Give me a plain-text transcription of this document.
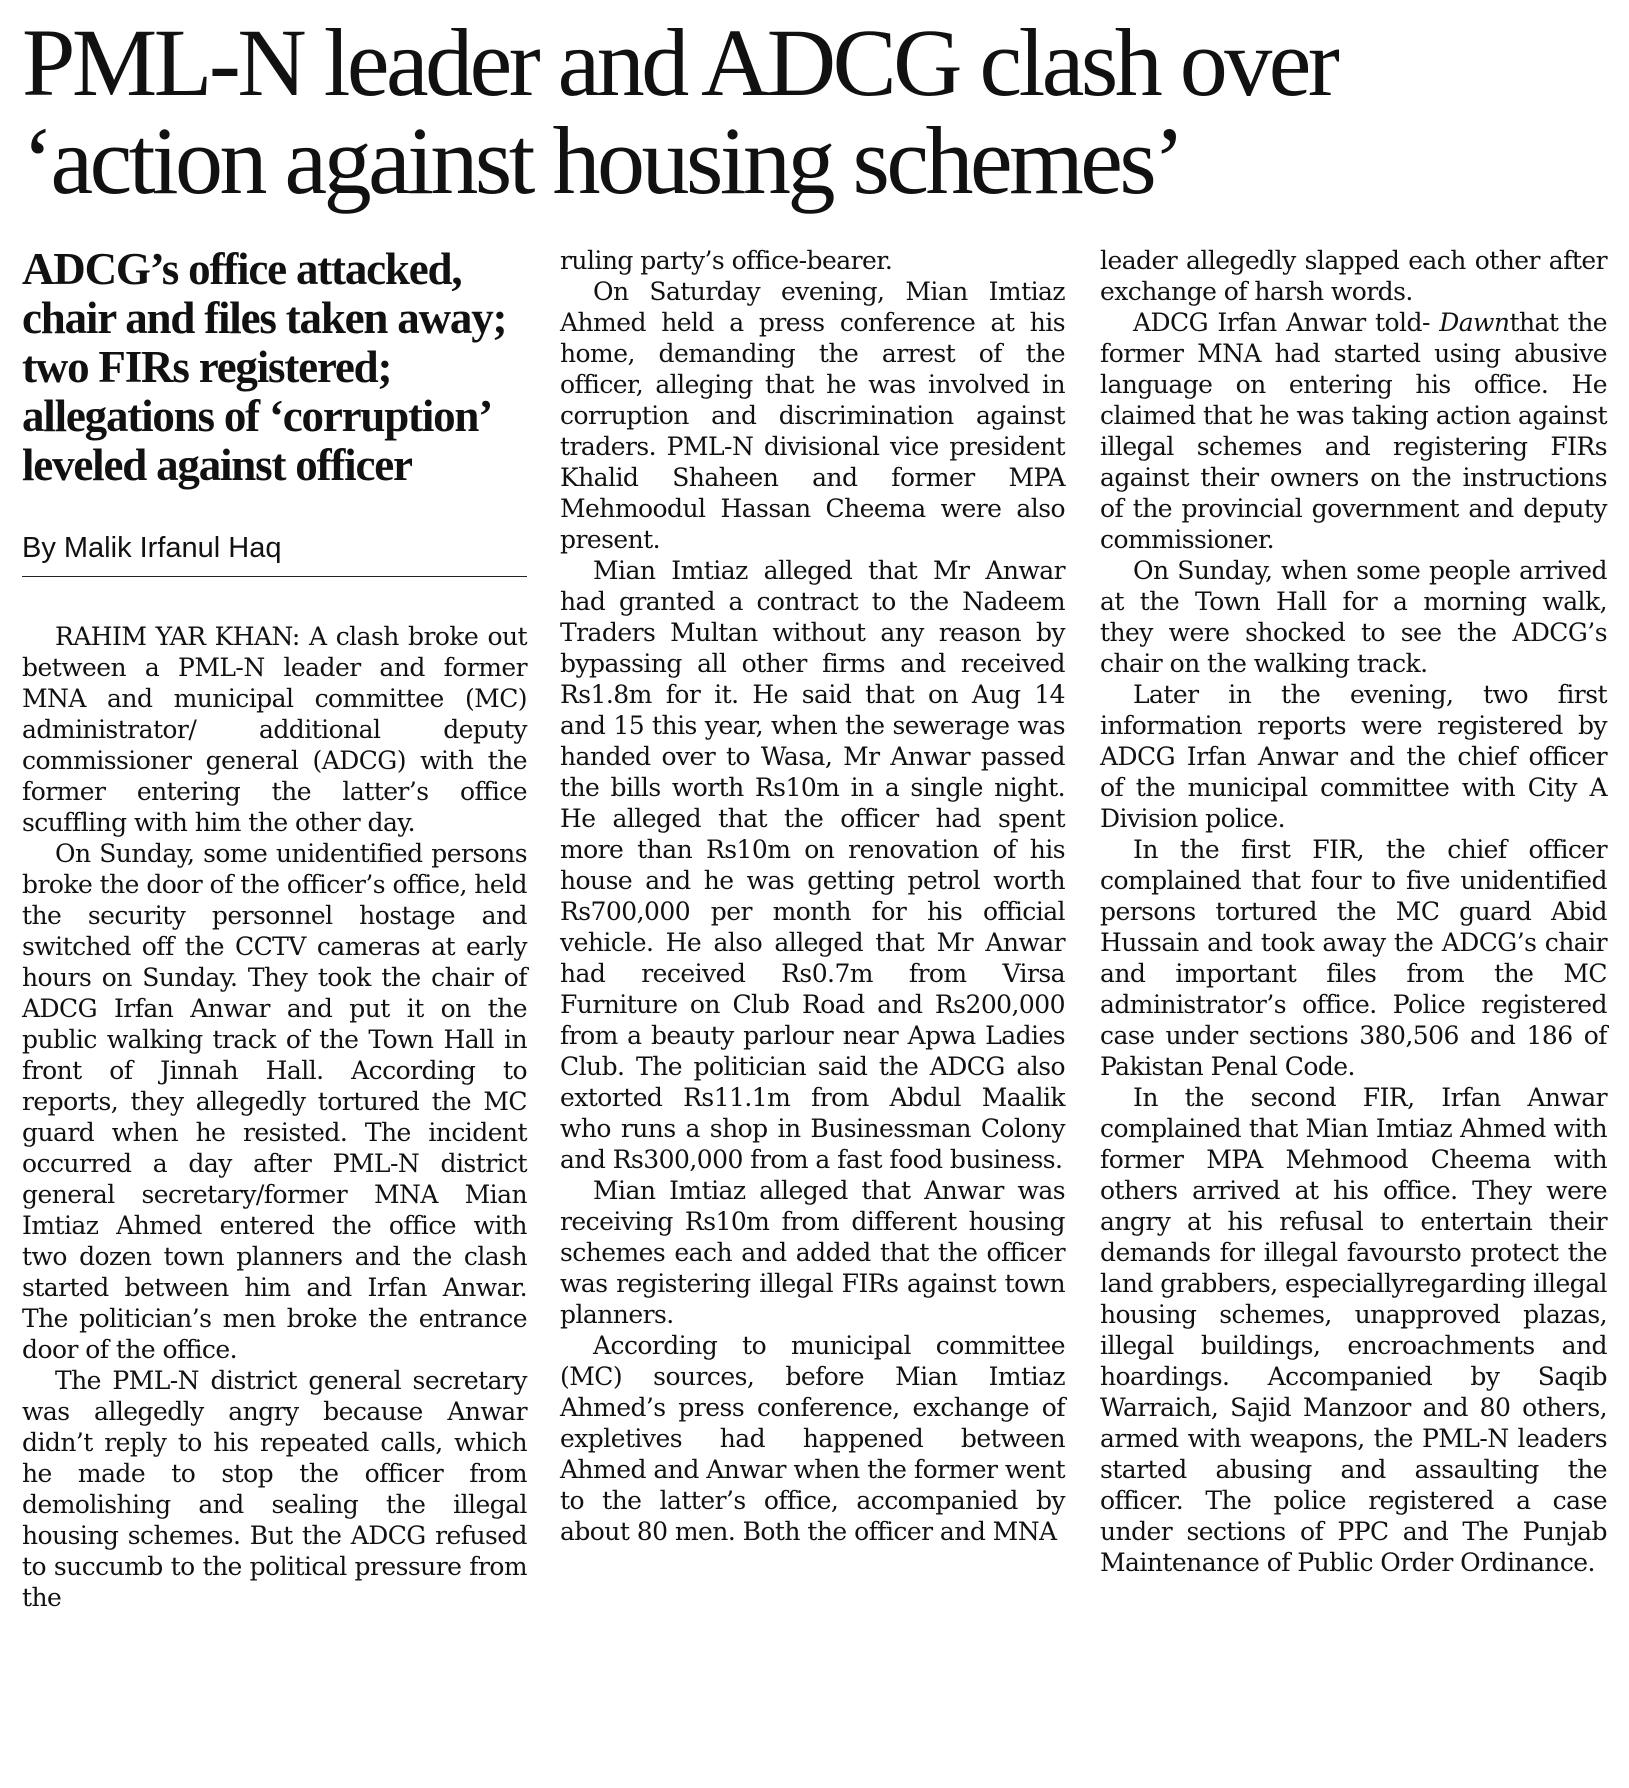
PML-N leader and ADCG clash over
‘action against housing schemes’
ADCG’s office attacked, chair and files taken away; two FIRs registered; allegations of ‘corruption’ leveled against officer
By Malik Irfanul Haq

RAHIM YAR KHAN: A clash broke out between a PML-N leader and former MNA and municipal committee (MC) administrator/ additional deputy commissioner general (ADCG) with the former entering the latter’s office scuffling with him the other day.

On Sunday, some unidentified persons broke the door of the officer’s office, held the security personnel hostage and switched off the CCTV cameras at early hours on Sunday. They took the chair of ADCG Irfan Anwar and put it on the public walking track of the Town Hall in front of Jinnah Hall. According to reports, they allegedly tortured the MC guard when he resisted. The incident occurred a day after PML-N district general secretary/former MNA Mian Imtiaz Ahmed entered the office with two dozen town planners and the clash started between him and Irfan Anwar. The politician’s men broke the entrance door of the office.

The PML-N district general secretary was allegedly angry because Anwar didn’t reply to his repeated calls, which he made to stop the officer from demolishing and sealing the illegal housing schemes. But the ADCG refused to succumb to the political pressure from the

ruling party’s office-bearer.

On Saturday evening, Mian Imtiaz Ahmed held a press conference at his home, demanding the arrest of the officer, alleging that he was involved in corruption and discrimination against traders. PML-N divisional vice president Khalid Shaheen and former MPA Mehmoodul Hassan Cheema were also present.

Mian Imtiaz alleged that Mr Anwar had granted a contract to the Nadeem Traders Multan without any reason by bypassing all other firms and received Rs1.8m for it. He said that on Aug 14 and 15 this year, when the sewerage was handed over to Wasa, Mr Anwar passed the bills worth Rs10m in a single night. He alleged that the officer had spent more than Rs10m on renovation of his house and he was getting petrol worth Rs700,000 per month for his official vehicle. He also alleged that Mr Anwar had received Rs0.7m from Virsa Furniture on Club Road and Rs200,000 from a beauty parlour near Apwa Ladies Club. The politician said the ADCG also extorted Rs11.1m from Abdul Maalik who runs a shop in Businessman Colony and Rs300,000 from a fast food business.

Mian Imtiaz alleged that Anwar was receiving Rs10m from different housing schemes each and added that the officer was registering illegal FIRs against town planners.

According to municipal committee (MC) sources, before Mian Imtiaz Ahmed’s press conference, exchange of expletives had happened between Ahmed and Anwar when the former went to the latter’s office, accompanied by about 80 men. Both the officer and MNA

leader allegedly slapped each other after exchange of harsh words.

ADCG Irfan Anwar told- Dawnthat the former MNA had started using abusive language on entering his office. He claimed that he was taking action against illegal schemes and registering FIRs against their owners on the instructions of the provincial government and deputy commissioner.

On Sunday, when some people arrived at the Town Hall for a morning walk, they were shocked to see the ADCG’s chair on the walking track.

Later in the evening, two first information reports were registered by ADCG Irfan Anwar and the chief officer of the municipal committee with City A Division police.

In the first FIR, the chief officer complained that four to five unidentified persons tortured the MC guard Abid Hussain and took away the ADCG’s chair and important files from the MC administrator’s office. Police registered case under sections 380,506 and 186 of Pakistan Penal Code.

In the second FIR, Irfan Anwar complained that Mian Imtiaz Ahmed with former MPA Mehmood Cheema with others arrived at his office. They were angry at his refusal to entertain their demands for illegal favoursto protect the land grabbers, especiallyregarding illegal housing schemes, unapproved plazas, illegal buildings, encroachments and hoardings. Accompanied by Saqib Warraich, Sajid Manzoor and 80 others, armed with weapons, the PML-N leaders started abusing and assaulting the officer. The police registered a case under sections of PPC and The Punjab Maintenance of Public Order Ordinance.
